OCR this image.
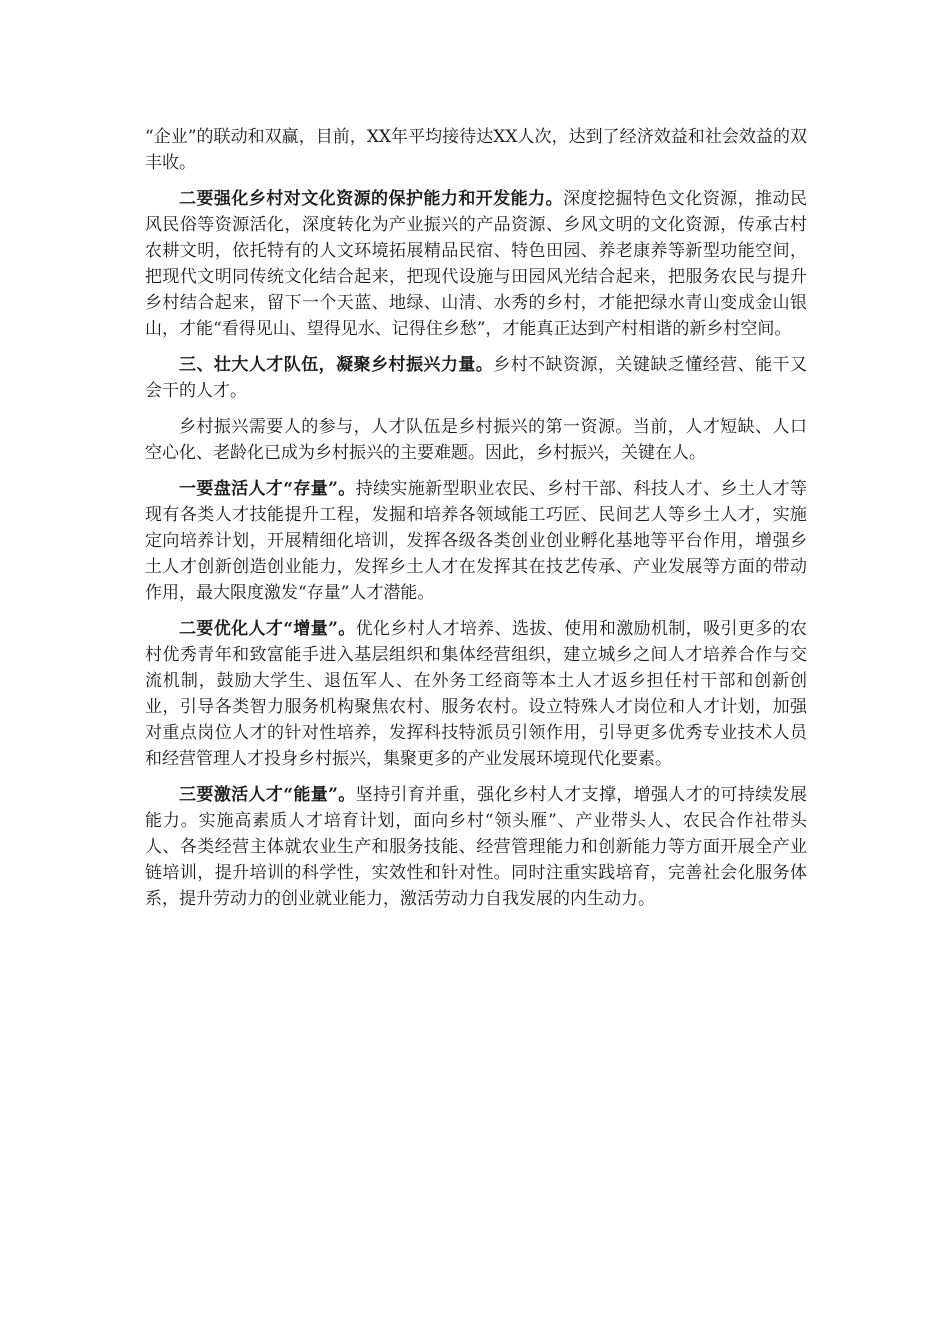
“企业”的联动和双赢，目前，XX年平均接待达XX人次，达到了经济效益和社会效益的双丰收。

二要强化乡村对文化资源的保护能力和开发能力。深度挖掘特色文化资源，推动民风民俗等资源活化，深度转化为产业振兴的产品资源、乡风文明的文化资源，传承古村农耕文明，依托特有的人文环境拓展精品民宿、特色田园、养老康养等新型功能空间，把现代文明同传统文化结合起来，把现代设施与田园风光结合起来，把服务农民与提升乡村结合起来，留下一个天蓝、地绿、山清、水秀的乡村，才能把绿水青山变成金山银山，才能“看得见山、望得见水、记得住乡愁”，才能真正达到产村相谐的新乡村空间。

三、壮大人才队伍，凝聚乡村振兴力量。乡村不缺资源，关键缺乏懂经营、能干又会干的人才。

乡村振兴需要人的参与，人才队伍是乡村振兴的第一资源。当前，人才短缺、人口空心化、老龄化已成为乡村振兴的主要难题。因此，乡村振兴，关键在人。

一要盘活人才“存量”。持续实施新型职业农民、乡村干部、科技人才、乡土人才等现有各类人才技能提升工程，发掘和培养各领域能工巧匠、民间艺人等乡土人才，实施定向培养计划，开展精细化培训，发挥各级各类创业创业孵化基地等平台作用，增强乡土人才创新创造创业能力，发挥乡土人才在发挥其在技艺传承、产业发展等方面的带动作用，最大限度激发“存量”人才潜能。

二要优化人才“增量”。优化乡村人才培养、选拔、使用和激励机制，吸引更多的农村优秀青年和致富能手进入基层组织和集体经营组织，建立城乡之间人才培养合作与交流机制，鼓励大学生、退伍军人、在外务工经商等本土人才返乡担任村干部和创新创业，引导各类智力服务机构聚焦农村、服务农村。设立特殊人才岗位和人才计划，加强对重点岗位人才的针对性培养，发挥科技特派员引领作用，引导更多优秀专业技术人员和经营管理人才投身乡村振兴，集聚更多的产业发展环境现代化要素。

三要激活人才“能量”。坚持引育并重，强化乡村人才支撑，增强人才的可持续发展能力。实施高素质人才培育计划，面向乡村“领头雁”、产业带头人、农民合作社带头人、各类经营主体就农业生产和服务技能、经营管理能力和创新能力等方面开展全产业链培训，提升培训的科学性，实效性和针对性。同时注重实践培育，完善社会化服务体系，提升劳动力的创业就业能力，激活劳动力自我发展的内生动力。
